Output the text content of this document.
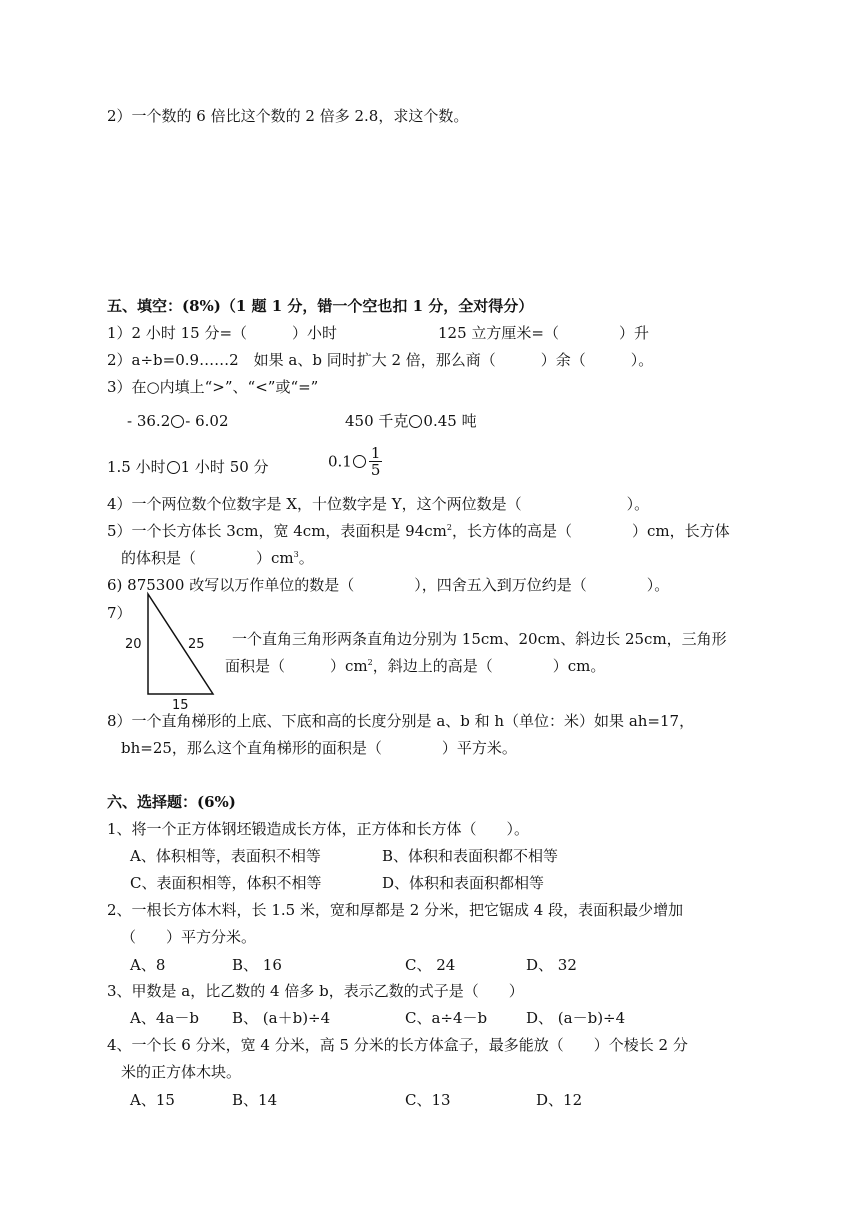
2）一个数的 6 倍比这个数的 2 倍多 2.8，求这个数。
五、填空：(8%)（1 题 1 分，错一个空也扣 1 分，全对得分）
1）2 小时 15 分=（　　　）小时	125 立方厘米=（　　　　）升
2）a÷b=0.9……2　如果 a、b 同时扩大 2 倍，那么商（　　　）余（　　　）。
3）在○内填上“>”、“<”或“=”
- 36.2 - 6.02	450 千克 0.45 吨
1.5 小时 1 小时 50 分	$0.1 \frac{1}{5}$
4）一个两位数个位数字是 X，十位数字是 Y，这个两位数是（　　　　　　　）。
5）一个长方体长 3cm，宽 4cm，表面积是 $94cm^2$，长方体的高是（　　　　）cm，长方体
的体积是（　　　　）$cm^3$。
6) 875300 改写以万作单位的数是（　　　　），四舍五入到万位约是（　　　　）。
7）
20	25
15
一个直角三角形两条直角边分别为 15cm、20cm、斜边长 25cm，三角形
面积是（　　　）$cm^2$，斜边上的高是（　　　　）cm。
8）一个直角梯形的上底、下底和高的长度分别是 a、b 和 h（单位：米）如果 ah=17，
bh=25，那么这个直角梯形的面积是（　　　　）平方米。
六、选择题：(6%)
1、将一个正方体钢坯锻造成长方体，正方体和长方体（　　）。
A、体积相等，表面积不相等	B、体积和表面积都不相等
C、表面积相等，体积不相等	D、体积和表面积都相等
2、一根长方体木料，长 1.5 米，宽和厚都是 2 分米，把它锯成 4 段，表面积最少增加
（　　）平方分米。
A、8	B、 16	C、 24	D、 32
3、甲数是 a，比乙数的 4 倍多 b，表示乙数的式子是（　　）
A、4a－b B、 (a＋b)÷4	C、a÷4－b	D、 (a－b)÷4
4、一个长 6 分米，宽 4 分米，高 5 分米的长方体盒子，最多能放（　　）个棱长 2 分
米的正方体木块。
A、15	B、14	C、13	D、12
